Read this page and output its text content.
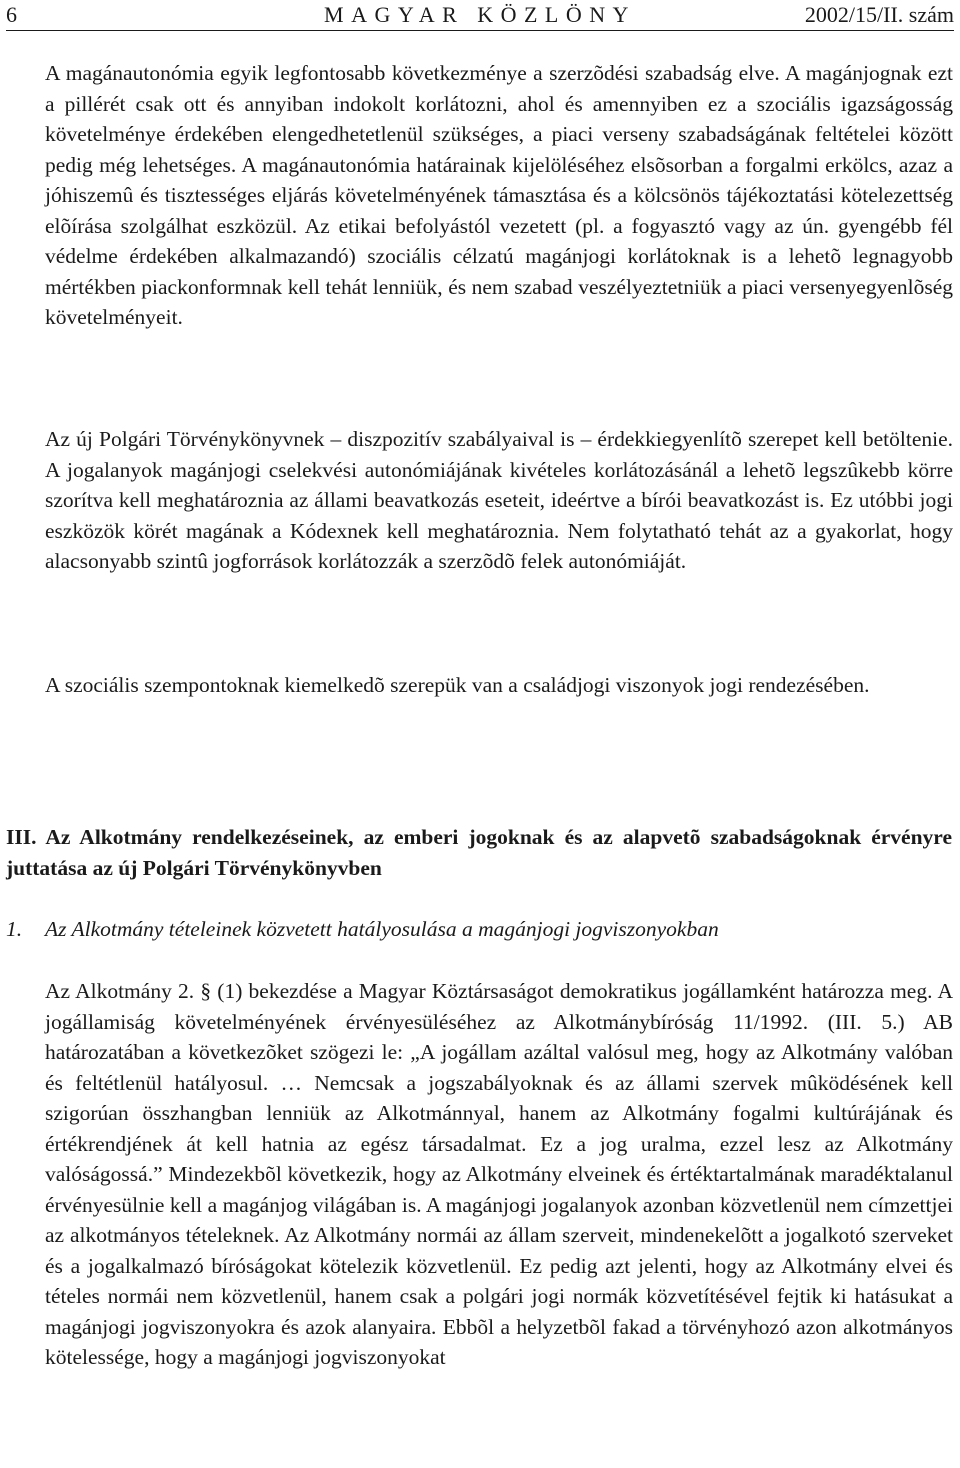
6	MAGYAR KÖZLÖNY	2002/15/II. szám
A magánautonómia egyik legfontosabb következménye a szerzõdési szabadság elve. A magánjognak ezt a pillérét csak ott és annyiban indokolt korlátozni, ahol és amennyiben ez a szociális igazságosság követelménye érdekében elengedhetetlenül szükséges, a piaci verseny szabadságának feltételei között pedig még lehetséges. A magánautonómia határainak kijelöléséhez elsõsorban a forgalmi erkölcs, azaz a jóhiszemû és tisztességes eljárás követelményének támasztása és a kölcsönös tájékoztatási kötelezettség elõírása szolgálhat eszközül. Az etikai befolyástól vezetett (pl. a fogyasztó vagy az ún. gyengébb fél védelme érdekében alkalmazandó) szociális célzatú magánjogi korlátoknak is a lehetõ legnagyobb mértékben piackonformnak kell tehát lenniük, és nem szabad veszélyeztetniük a piaci versenyegyenlõség követelményeit.
Az új Polgári Törvénykönyvnek – diszpozitív szabályaival is – érdekkiegyenlítõ szerepet kell betöltenie. A jogalanyok magánjogi cselekvési autonómiájának kivételes korlátozásánál a lehetõ legszûkebb körre szorítva kell meghatároznia az állami beavatkozás eseteit, ideértve a bírói beavatkozást is. Ez utóbbi jogi eszközök körét magának a Kódexnek kell meghatároznia. Nem folytatható tehát az a gyakorlat, hogy alacsonyabb szintû jogforrások korlátozzák a szerzõdõ felek autonómiáját.
A szociális szempontoknak kiemelkedõ szerepük van a családjogi viszonyok jogi rendezésében.
III. Az Alkotmány rendelkezéseinek, az emberi jogoknak és az alapvetõ szabadságoknak érvényre juttatása az új Polgári Törvénykönyvben
1. Az Alkotmány tételeinek közvetett hatályosulása a magánjogi jogviszonyokban
Az Alkotmány 2. § (1) bekezdése a Magyar Köztársaságot demokratikus jogállamként határozza meg. A jogállamiság követelményének érvényesüléséhez az Alkotmánybíróság 11/1992. (III. 5.) AB határozatában a következõket szögezi le: „A jogállam azáltal valósul meg, hogy az Alkotmány valóban és feltétlenül hatályosul. … Nemcsak a jogszabályoknak és az állami szervek mûködésének kell szigorúan összhangban lenniük az Alkotmánnyal, hanem az Alkotmány fogalmi kultúrájának és értékrendjének át kell hatnia az egész társadalmat. Ez a jog uralma, ezzel lesz az Alkotmány valóságossá.” Mindezekbõl következik, hogy az Alkotmány elveinek és értéktartalmának maradéktalanul érvényesülnie kell a magánjog világában is. A magánjogi jogalanyok azonban közvetlenül nem címzettjei az alkotmányos tételeknek. Az Alkotmány normái az állam szerveit, mindenekelõtt a jogalkotó szerveket és a jogalkalmazó bíróságokat kötelezik közvetlenül. Ez pedig azt jelenti, hogy az Alkotmány elvei és tételes normái nem közvetlenül, hanem csak a polgári jogi normák közvetítésével fejtik ki hatásukat a magánjogi jogviszonyokra és azok alanyaira. Ebbõl a helyzetbõl fakad a törvényhozó azon alkotmányos kötelessége, hogy a magánjogi jogviszonyokat
